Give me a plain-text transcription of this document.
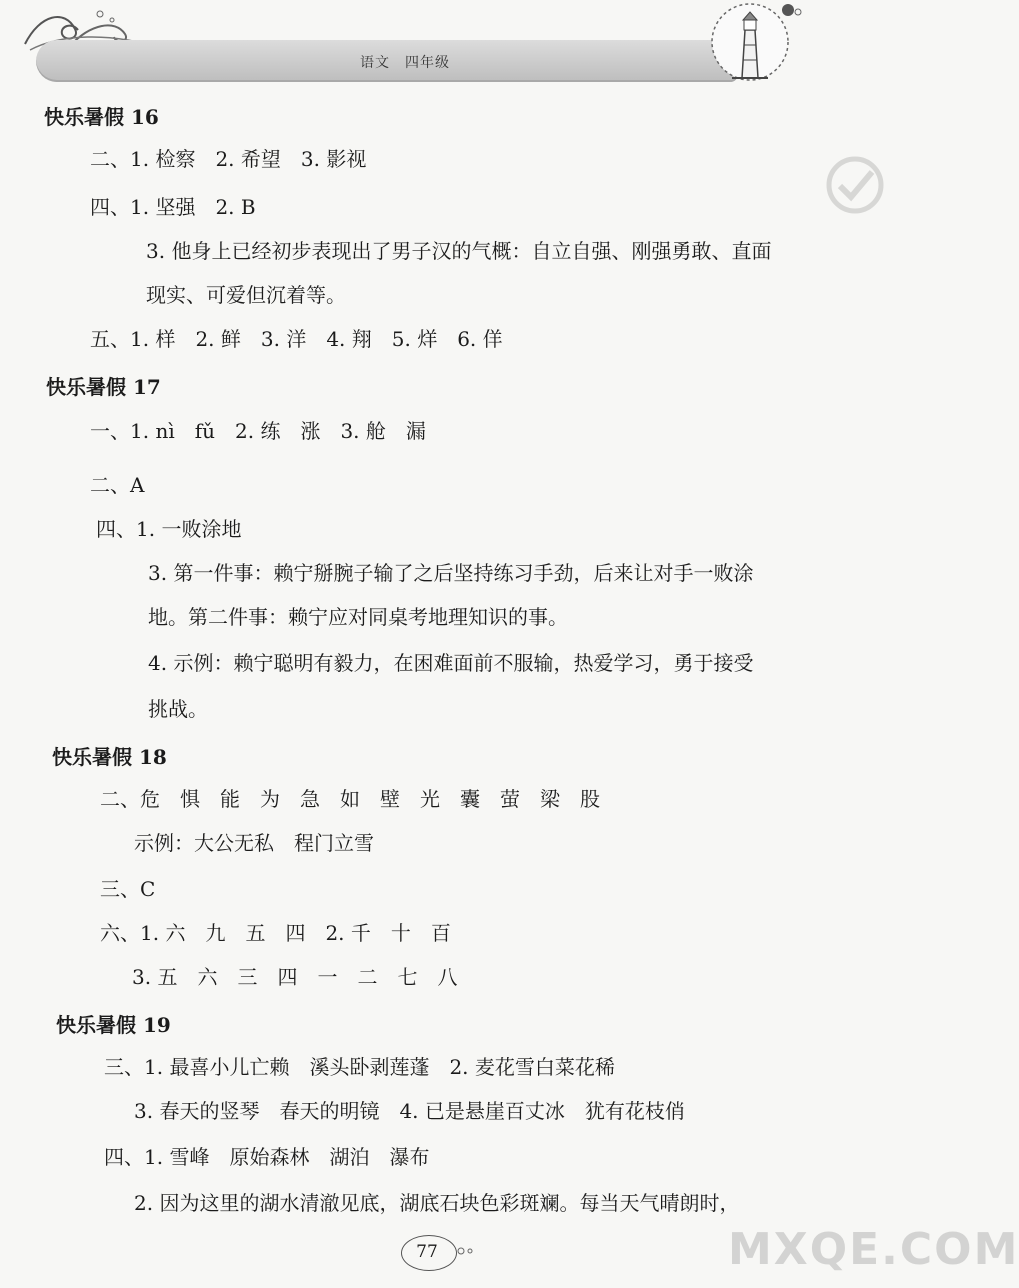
语文　四年级
快乐暑假 16
二、1. 检察　2. 希望　3. 影视
四、1. 坚强　2. B
3. 他身上已经初步表现出了男子汉的气概：自立自强、刚强勇敢、直面
现实、可爱但沉着等。
五、1. 样　2. 鲜　3. 洋　4. 翔　5. 烊　6. 佯
快乐暑假 17
一、1. nì　fǔ　2. 练　涨　3. 舱　漏
二、A
四、1. 一败涂地
3. 第一件事：赖宁掰腕子输了之后坚持练习手劲，后来让对手一败涂
地。第二件事：赖宁应对同桌考地理知识的事。
4. 示例：赖宁聪明有毅力，在困难面前不服输，热爱学习，勇于接受
挑战。
快乐暑假 18
二、危　惧　能　为　急　如　壁　光　囊　萤　梁　股
示例：大公无私　程门立雪
三、C
六、1. 六　九　五　四　2. 千　十　百
3. 五　六　三　四　一　二　七　八
快乐暑假 19
三、1. 最喜小儿亡赖　溪头卧剥莲蓬　2. 麦花雪白菜花稀
3. 春天的竖琴　春天的明镜　4. 已是悬崖百丈冰　犹有花枝俏
四、1. 雪峰　原始森林　湖泊　瀑布
2. 因为这里的湖水清澈见底，湖底石块色彩斑斓。每当天气晴朗时，
77	MXQE.COM
